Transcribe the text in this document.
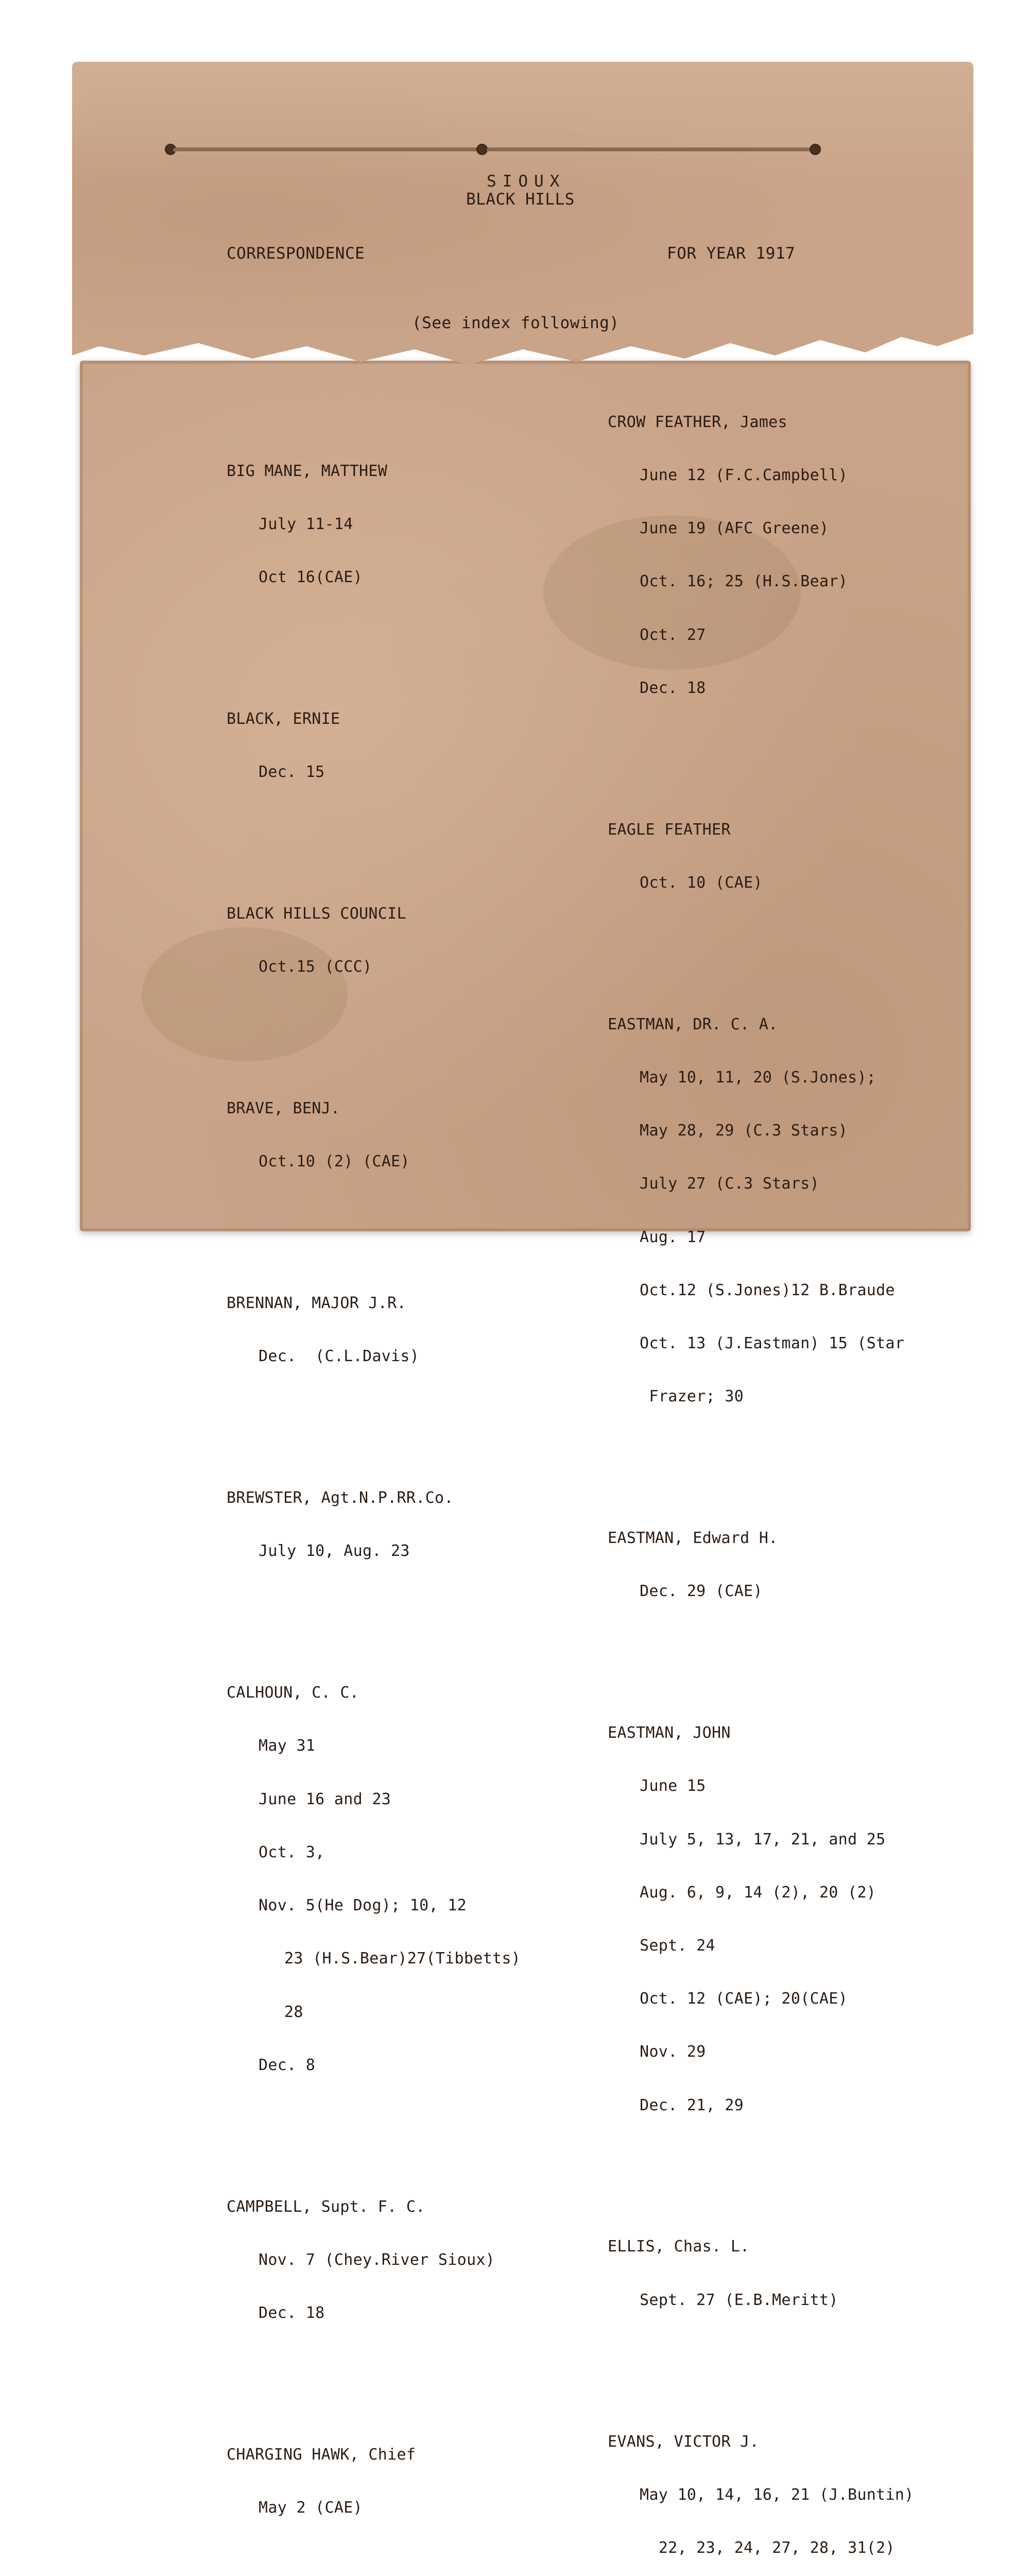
BIG MANE, MATTHEW

July 11-14

Oct 16(CAE)

BLACK, ERNIE

Dec. 15

BLACK HILLS COUNCIL

Oct.15 (CCC)

BRAVE, BENJ.

Oct.10 (2) (CAE)

BRENNAN, MAJOR J.R.

Dec.  (C.L.Davis)

BREWSTER, Agt.N.P.RR.Co.

July 10, Aug. 23

CALHOUN, C. C.

May 31

June 16 and 23

Oct. 3,

Nov. 5(He Dog); 10, 12

23 (H.S.Bear)27(Tibbetts)

28

Dec. 8

CAMPBELL, Supt. F. C.

Nov. 7 (Chey.River Sioux)

Dec. 18

CHARGING HAWK, Chief

May 2 (CAE)

CROW FEATHER, James

June 12 (F.C.Campbell)

June 19 (AFC Greene)

Oct. 16; 25 (H.S.Bear)

Oct. 27

Dec. 18

EAGLE FEATHER

Oct. 10 (CAE)

EASTMAN, DR. C. A.

May 10, 11, 20 (S.Jones);

May 28, 29 (C.3 Stars)

July 27 (C.3 Stars)

Aug. 17

Oct.12 (S.Jones)12 B.Braude

Oct. 13 (J.Eastman) 15 (Star

Frazer; 30

EASTMAN, Edward H.

Dec. 29 (CAE)

EASTMAN, JOHN

June 15

July 5, 13, 17, 21, and 25

Aug. 6, 9, 14 (2), 20 (2)

Sept. 24

Oct. 12 (CAE); 20(CAE)

Nov. 29

Dec. 21, 29

ELLIS, Chas. L.

Sept. 27 (E.B.Meritt)

EVANS, VICTOR J.

May 10, 14, 16, 21 (J.Buntin)

22, 23, 24, 27, 28, 31(2)

SIOUX
BLACK HILLS
CORRESPONDENCE	FOR YEAR 1917
(See index following)
